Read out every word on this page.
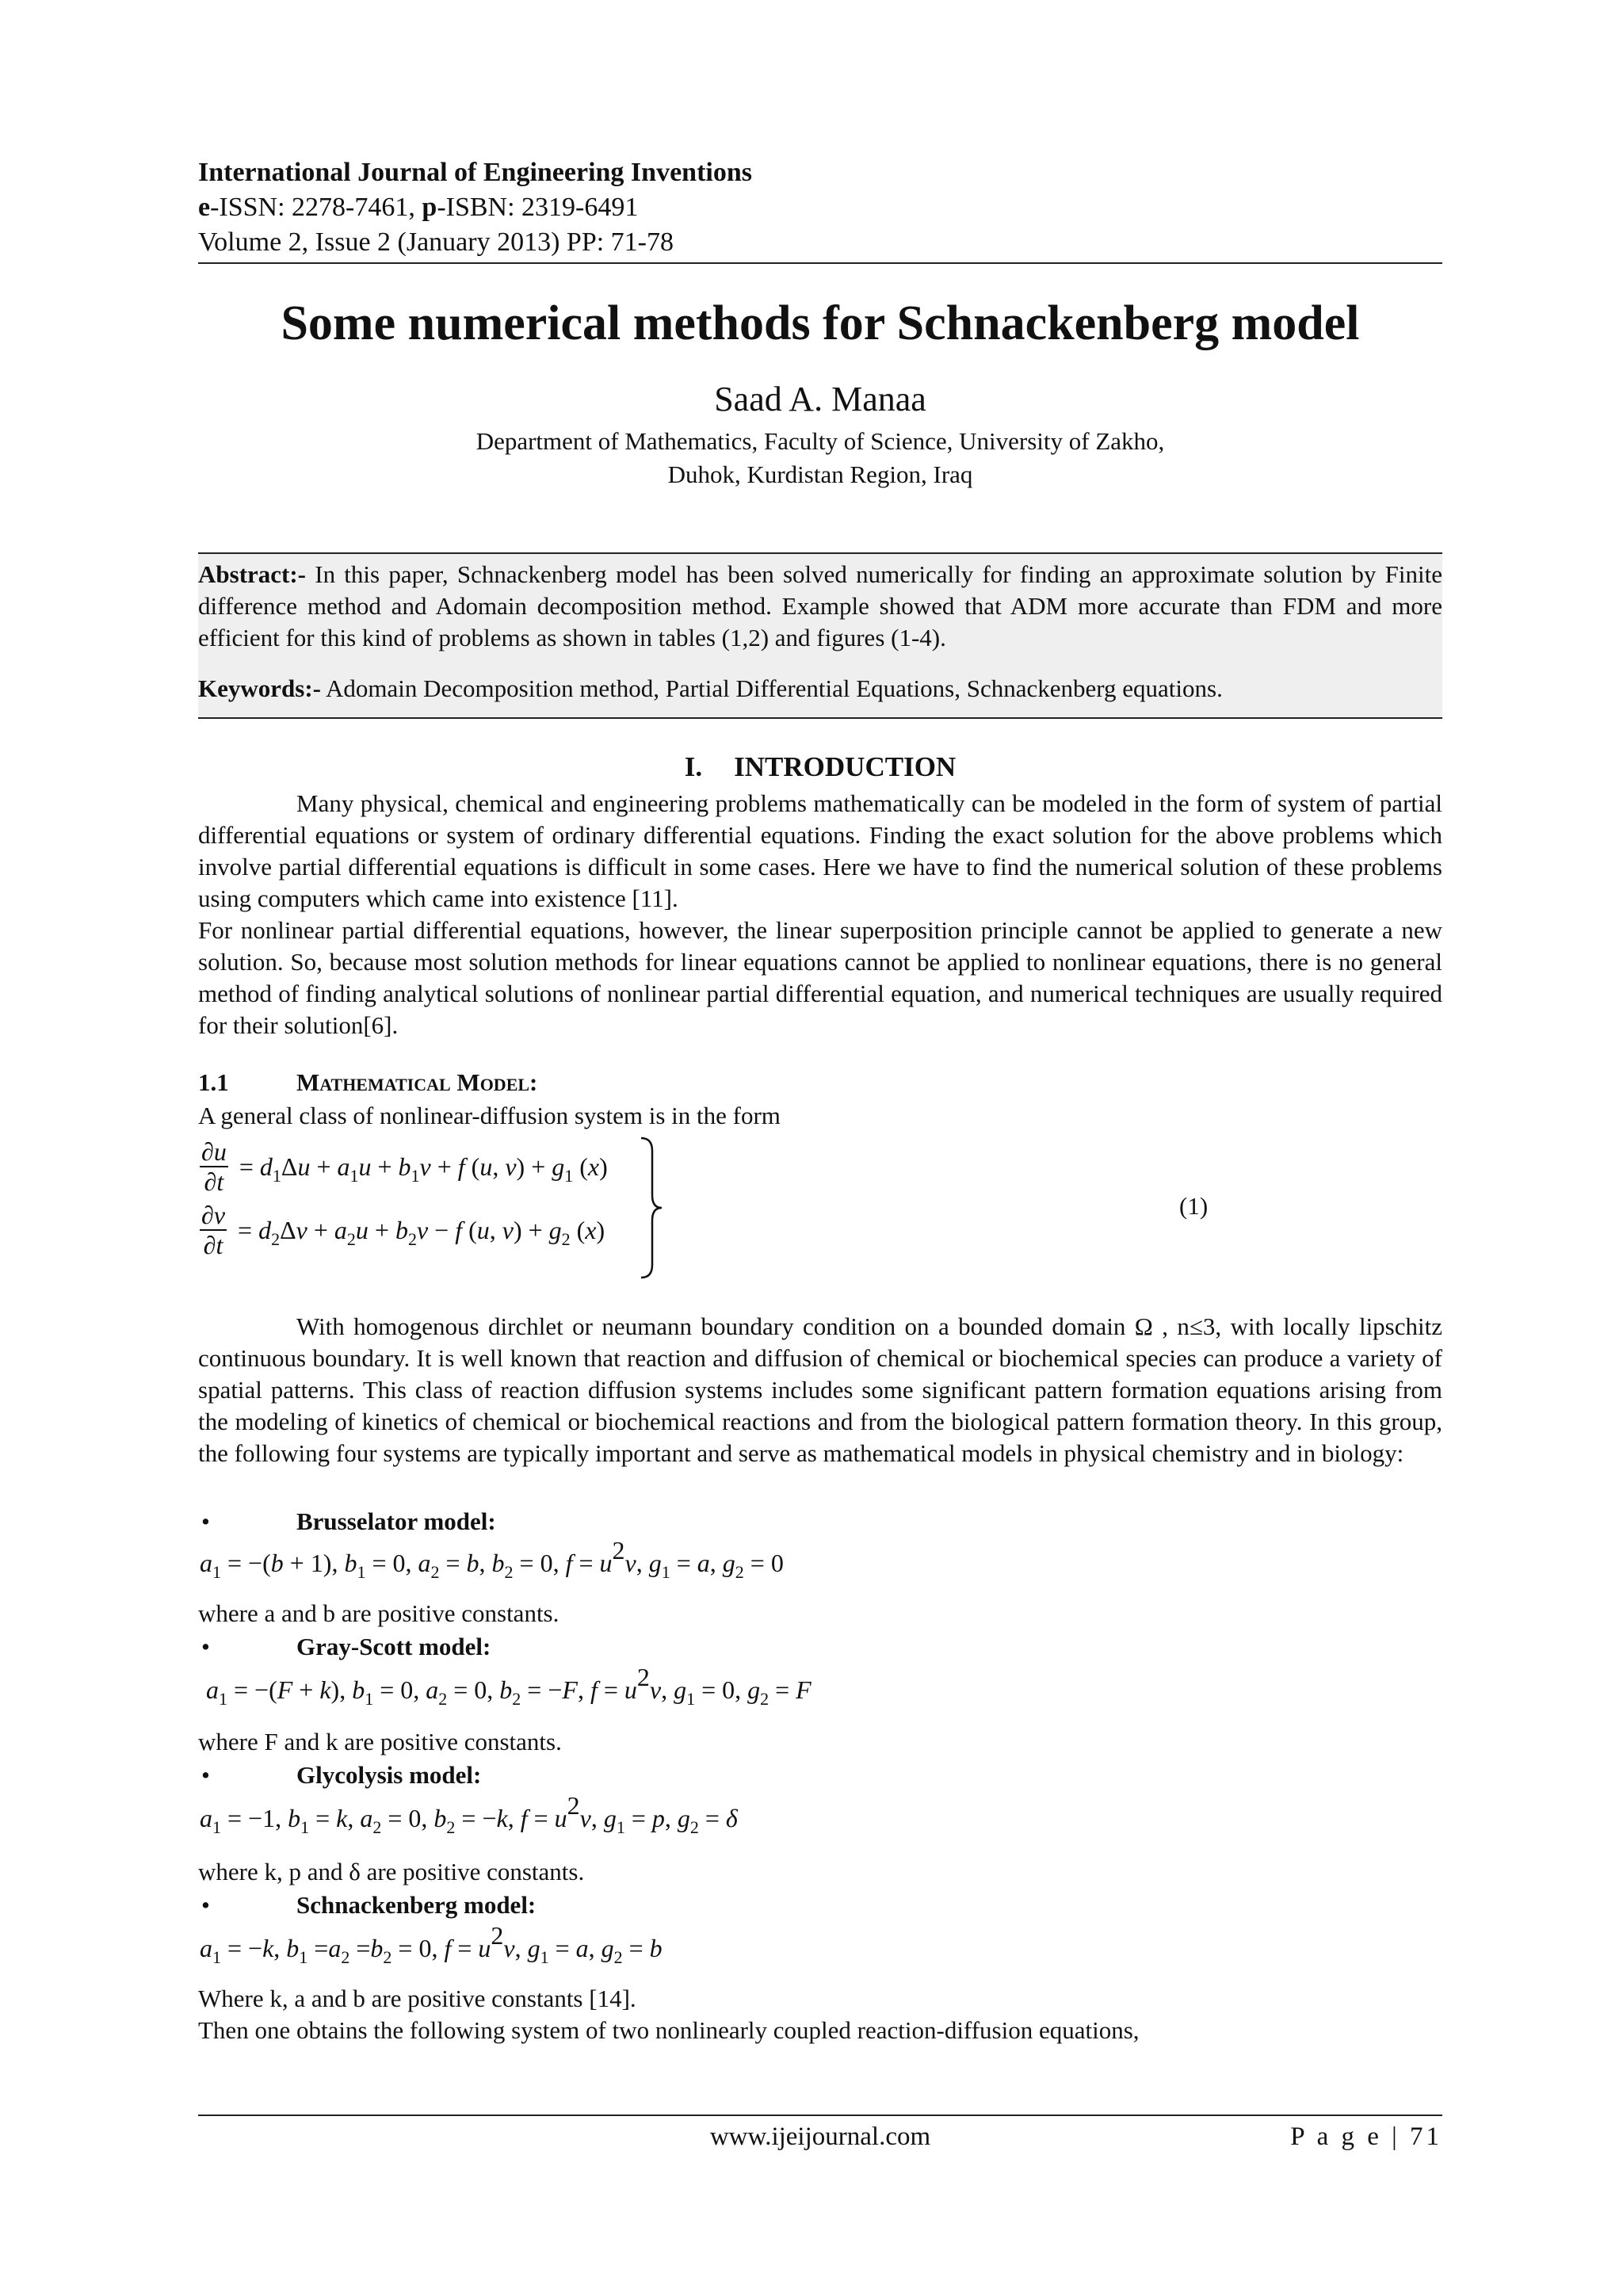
International Journal of Engineering Inventions
e-ISSN: 2278-7461, p-ISBN: 2319-6491
Volume 2, Issue 2 (January 2013) PP: 71-78
Some numerical methods for Schnackenberg model
Saad A. Manaa
Department of Mathematics, Faculty of Science, University of Zakho,
Duhok, Kurdistan Region, Iraq

Abstract:- In this paper, Schnackenberg model has been solved numerically for finding an approximate solution by Finite difference method and Adomain decomposition method. Example showed that ADM more accurate than FDM and more efficient for this kind of problems as shown in tables (1,2) and figures (1-4).

Keywords:- Adomain Decomposition method, Partial Differential Equations, Schnackenberg equations.

I. INTRODUCTION

Many physical, chemical and engineering problems mathematically can be modeled in the form of system of partial differential equations or system of ordinary differential equations. Finding the exact solution for the above problems which involve partial differential equations is difficult in some cases. Here we have to find the numerical solution of these problems using computers which came into existence [11].

For nonlinear partial differential equations, however, the linear superposition principle cannot be applied to generate a new solution. So, because most solution methods for linear equations cannot be applied to nonlinear equations, there is no general method of finding analytical solutions of nonlinear partial differential equation, and numerical techniques are usually required for their solution[6].

1.1	Mathematical Model:
A general class of nonlinear-diffusion system is in the form
$\frac{\partial u}{\partial t} = d_1\Delta u + a_1u + b_1v + f$ (u, $v) + g_1$ (x)
$\frac{\partial v}{\partial t} = d_2\Delta v + a_2u + b_2v - f$ (u, $v) + g_2$ (x)
(1)

With homogenous dirchlet or neumann boundary condition on a bounded domain Ω , n≤3, with locally lipschitz continuous boundary. It is well known that reaction and diffusion of chemical or biochemical species can produce a variety of spatial patterns. This class of reaction diffusion systems includes some significant pattern formation equations arising from the modeling of kinetics of chemical or biochemical reactions and from the biological pattern formation theory. In this group, the following four systems are typically important and serve as mathematical models in physical chemistry and in biology:

•	Brusselator model:
$a_1 = -(b + 1)$, $b_1 = 0$, $a_2 = b$, $b_2 = 0$, $f = u^2v$, $g_1 = a$, $g_2 = 0$
where a and b are positive constants.
•	Gray-Scott model:
$a_1 = -(F + k)$, $b_1 = 0$, $a_2 = 0$, $b_2 = -F$, $f = u^2v$, $g_1 = 0$, $g_2 = F$
where F and k are positive constants.
•	Glycolysis model:
$a_1 = -1$, $b_1 = k$, $a_2 = 0$, $b_2 = -k$, $f = u^2v$, $g_1 = p$, $g_2 = \delta$
where k, p and δ are positive constants.
•	Schnackenberg model:
$a_1 = -k$, $b_1 =a_2 =b_2 = 0$, $f = u^2v$, $g_1 = a$, $g_2 = b$
Where k, a and b are positive constants [14].
Then one obtains the following system of two nonlinearly coupled reaction-diffusion equations,
www.ijeijournal.com	P a g e | 71
